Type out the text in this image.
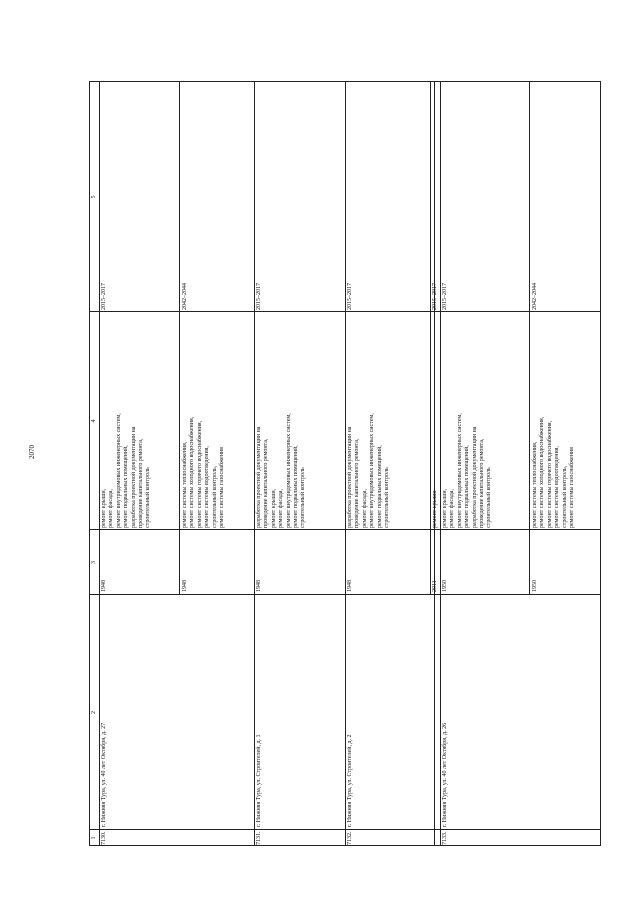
2070
1
2
3
4
5
7130.
г. Нижняя Тура, ул. 40 лет Октября, д. 27
1948
ремонт крыши, ремонт фасада, ремонт внутридомовых инженерных систем, ремонт подвальных помещений, разработка проектной документации на проведение капитального ремонта, строительный контроль
2015–2017
1948
ремонт системы теплоснабжения, ремонт системы холодного водоснабжения, ремонт системы горячего водоснабжения, ремонт системы водоотведения, строительный контроль, ремонт системы газоснабжения
2042–2044
7131.
г. Нижняя Тура, ул. Строителей, д. 1
1948
разработка проектной документации на проведение капитального ремонта, ремонт крыши, ремонт фасада, ремонт внутридомовых инженерных систем, ремонт подвальных помещений, строительный контроль
2015–2017
7132.
г. Нижняя Тура, ул. Строителей, д. 2
1948
разработка проектной документации на проведение капитального ремонта, ремонт фасада, ремонт внутридомовых инженерных систем, ремонт подвальных помещений, строительный контроль
2015–2017
2011
ремонт крыши
2015–2017
7133.
г. Нижняя Тура, ул. 40 лет Октября, д. 26
1950
ремонт крыши, ремонт фасада, ремонт внутридомовых инженерных систем, ремонт подвальных помещений, разработка проектной документации на проведение капитального ремонта, строительный контроль
2015–2017
1950
ремонт системы теплоснабжения, ремонт системы холодного водоснабжения, ремонт системы горячего водоснабжения, ремонт системы водоотведения, строительный контроль, ремонт системы газоснабжения
2042–2044
